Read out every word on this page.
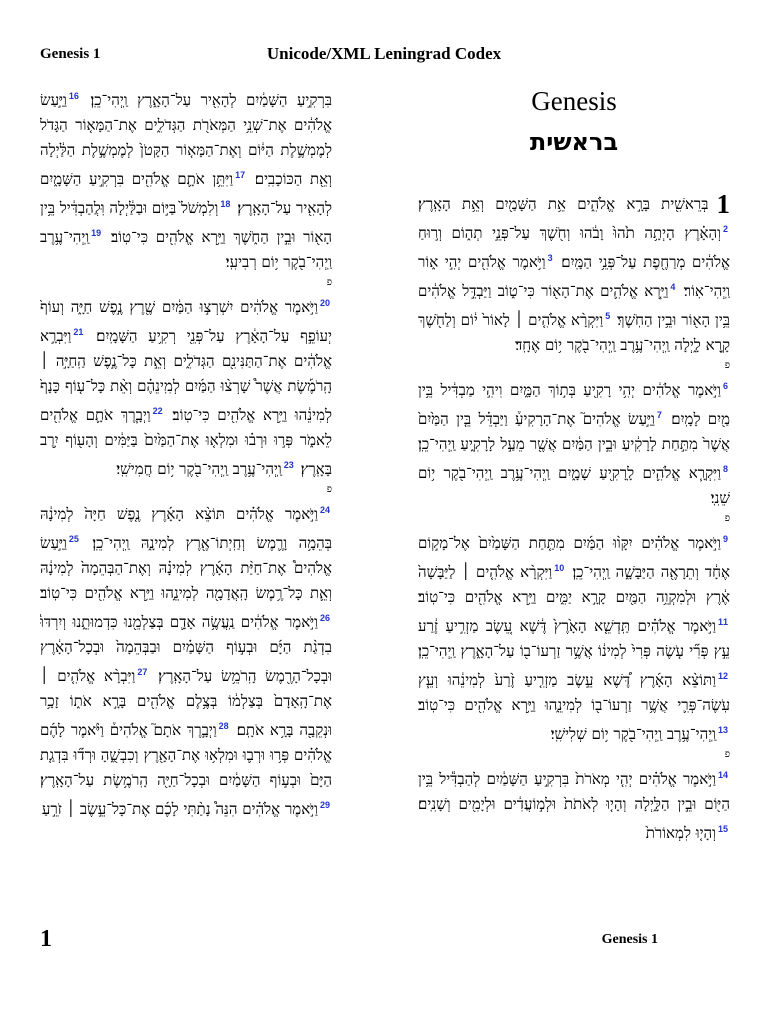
Genesis 1	Unicode/XML Leningrad Codex
בִּרְקִ֣יעַ הַשָּׁמַ֔יִם לְהָאִ֖יר עַל־הָאָ֑רֶץ וַֽיְהִי־כֵֽן׃ $^{16}$וַיַּ֣עַשׂ אֱלֹהִ֔ים אֶת־שְׁנֵ֥י הַמְּאֹרֹ֖ת הַגְּדֹלִ֑ים אֶת־הַמָּא֤וֹר הַגָּדֹל֙ לְמֶמְשֶׁ֣לֶת הַיּ֔וֹם וְאֶת־הַמָּא֤וֹר הַקָּטֹן֙ לְמֶמְשֶׁ֣לֶת הַלַּ֔יְלָה וְאֵ֖ת הַכּוֹכָבִֽים׃ $^{17}$וַיִּתֵּ֥ן אֹתָ֛ם אֱלֹהִ֖ים בִּרְקִ֣יעַ הַשָּׁמָ֑יִם לְהָאִ֖יר עַל־הָאָֽרֶץ׃ $^{18}$וְלִמְשֹׁל֙ בַּיּ֣וֹם וּבַלַּ֔יְלָה וּֽלֲהַבְדִּ֔יל בֵּ֥ין הָא֖וֹר וּבֵ֣ין הַחֹ֑שֶׁךְ וַיַּ֥רְא אֱלֹהִ֖ים כִּי־טֽוֹב׃ $^{19}$וַֽיְהִי־עֶ֥רֶב וַֽיְהִי־בֹ֖קֶר י֥וֹם רְבִיעִֽי׃
פ
$^{20}$וַיֹּ֣אמֶר אֱלֹהִ֔ים יִשְׁרְצ֣וּ הַמַּ֔יִם שֶׁ֖רֶץ נֶ֣פֶשׁ חַיָּ֑ה וְעוֹף֙ יְעוֹפֵ֣ף עַל־הָאָ֔רֶץ עַל־פְּנֵ֖י רְקִ֥יעַ הַשָּׁמָֽיִם׃ $^{21}$וַיִּבְרָ֣א אֱלֹהִ֔ים אֶת־הַתַּנִּינִ֖ם הַגְּדֹלִ֑ים וְאֵ֣ת כָּל־נֶ֣פֶשׁ הַֽחַיָּ֣ה ׀ הָֽרֹמֶ֡שֶׂת אֲשֶׁר֩ שָׁרְצ֨וּ הַמַּ֜יִם לְמִֽינֵהֶ֗ם וְאֵ֨ת כָּל־ע֤וֹף כָּנָף֙ לְמִינֵ֔הוּ וַיַּ֥רְא אֱלֹהִ֖ים כִּי־טֽוֹב׃ $^{22}$וַיְבָ֧רֶךְ אֹתָ֛ם אֱלֹהִ֖ים לֵאמֹ֑ר פְּר֣וּ וּרְב֗וּ וּמִלְא֤וּ אֶת־הַמַּ֙יִם֙ בַּיַּמִּ֔ים וְהָע֖וֹף יִ֥רֶב בָּאָֽרֶץ׃ $^{23}$וַֽיְהִי־עֶ֥רֶב וַֽיְהִי־בֹ֖קֶר י֥וֹם חֲמִישִֽׁי׃
פ
$^{24}$וַיֹּ֣אמֶר אֱלֹהִ֗ים תּוֹצֵ֨א הָאָ֜רֶץ נֶ֤פֶשׁ חַיָּה֙ לְמִינָ֔הּ בְּהֵמָ֥ה וָרֶ֛מֶשׂ וְחַֽיְתוֹ־אֶ֖רֶץ לְמִינָ֑הּ וַֽיְהִי־כֵֽן׃ $^{25}$וַיַּ֣עַשׂ אֱלֹהִים֩ אֶת־חַיַּ֨ת הָאָ֜רֶץ לְמִינָ֗הּ וְאֶת־הַבְּהֵמָה֙ לְמִינָ֔הּ וְאֵ֛ת כָּל־רֶ֥מֶשׂ הָֽאֲדָמָ֖ה לְמִינֵ֑הוּ וַיַּ֥רְא אֱלֹהִ֖ים כִּי־טֽוֹב׃ $^{26}$וַיֹּ֣אמֶר אֱלֹהִ֔ים נַֽעֲשֶׂ֥ה אָדָ֛ם בְּצַלְמֵ֖נוּ כִּדְמוּתֵ֑נוּ וְיִרְדּוּ֩ בִדְגַ֨ת הַיָּ֜ם וּבְע֣וֹף הַשָּׁמַ֗יִם וּבַבְּהֵמָה֙ וּבְכָל־הָאָ֔רֶץ וּבְכָל־הָרֶ֖מֶשׂ הָֽרֹמֵ֥שׂ עַל־הָאָֽרֶץ׃ $^{27}$וַיִּבְרָ֨א אֱלֹהִ֤ים ׀ אֶת־הָֽאָדָם֙ בְּצַלְמ֔וֹ בְּצֶ֥לֶם אֱלֹהִ֖ים בָּרָ֣א אֹת֑וֹ זָכָ֥ר וּנְקֵבָ֖ה בָּרָ֥א אֹתָֽם׃ $^{28}$וַיְבָ֣רֶךְ אֹתָם֮ אֱלֹהִים֒ וַיֹּ֨אמֶר לָהֶ֜ם אֱלֹהִ֗ים פְּר֥וּ וּרְב֛וּ וּמִלְא֥וּ אֶת־הָאָ֖רֶץ וְכִבְשֻׁ֑הָ וּרְד֞וּ בִּדְגַ֤ת הַיָּם֙ וּבְע֣וֹף הַשָּׁמַ֔יִם וּבְכָל־חַיָּ֖ה הָֽרֹמֶ֥שֶׂת עַל־הָאָֽרֶץ׃ $^{29}$וַיֹּ֣אמֶר אֱלֹהִ֗ים הִנֵּה֩ נָתַ֨תִּי לָכֶ֜ם אֶת־כָּל־עֵ֣שֶׂב ׀ זֹרֵ֣עַ
Genesis
בראשית
1בְּרֵאשִׁ֖ית בָּרָ֣א אֱלֹהִ֑ים אֵ֥ת הַשָּׁמַ֖יִם וְאֵ֥ת הָאָֽרֶץ׃ $^2$וְהָאָ֗רֶץ הָיְתָ֥ה תֹ֙הוּ֙ וָבֹ֔הוּ וְחֹ֖שֶׁךְ עַל־פְּנֵ֣י תְה֑וֹם וְר֣וּחַ אֱלֹהִ֔ים מְרַחֶ֖פֶת עַל־פְּנֵ֥י הַמָּֽיִם׃ $^3$וַיֹּ֥אמֶר אֱלֹהִ֖ים יְהִ֣י א֑וֹר וַֽיְהִי־אֽוֹר׃ $^4$וַיַּ֧רְא אֱלֹהִ֛ים אֶת־הָא֖וֹר כִּי־ט֑וֹב וַיַּבְדֵּ֣ל אֱלֹהִ֔ים בֵּ֥ין הָא֖וֹר וּבֵ֥ין הַחֹֽשֶׁךְ׃ $^5$וַיִּקְרָ֨א אֱלֹהִ֤ים ׀ לָאוֹר֙ י֔וֹם וְלַחֹ֖שֶׁךְ קָ֣רָא לָ֑יְלָה וַֽיְהִי־עֶ֥רֶב וַֽיְהִי־בֹ֖קֶר י֥וֹם אֶחָֽד׃
פ
$^6$וַיֹּ֣אמֶר אֱלֹהִ֔ים יְהִ֥י רָקִ֖יעַ בְּת֣וֹךְ הַמָּ֑יִם וִיהִ֣י מַבְדִּ֔יל בֵּ֥ין מַ֖יִם לָמָֽיִם׃ $^7$וַיַּ֣עַשׂ אֱלֹהִים֮ אֶת־הָרָקִיעַ֒ וַיַּבְדֵּ֗ל בֵּ֤ין הַמַּ֙יִם֙ אֲשֶׁר֙ מִתַּ֣חַת לָרָקִ֔יעַ וּבֵ֣ין הַמַּ֔יִם אֲשֶׁ֖ר מֵעַ֣ל לָרָקִ֑יעַ וַֽיְהִי־כֵֽן׃ $^8$וַיִּקְרָ֧א אֱלֹהִ֛ים לָֽרָקִ֖יעַ שָׁמָ֑יִם וַֽיְהִי־עֶ֥רֶב וַֽיְהִי־בֹ֖קֶר י֥וֹם שֵׁנִֽי׃
פ
$^9$וַיֹּ֣אמֶר אֱלֹהִ֗ים יִקָּו֨וּ הַמַּ֜יִם מִתַּ֤חַת הַשָּׁמַ֙יִם֙ אֶל־מָק֣וֹם אֶחָ֔ד וְתֵרָאֶ֖ה הַיַּבָּשָׁ֑ה וַֽיְהִי־כֵֽן׃ $^{10}$וַיִּקְרָ֨א אֱלֹהִ֤ים ׀ לַיַּבָּשָׁה֙ אֶ֔רֶץ וּלְמִקְוֵ֥ה הַמַּ֖יִם קָרָ֣א יַמִּ֑ים וַיַּ֥רְא אֱלֹהִ֖ים כִּי־טֽוֹב׃ $^{11}$וַיֹּ֣אמֶר אֱלֹהִ֗ים תַּֽדְשֵׁ֤א הָאָ֙רֶץ֙ דֶּ֔שֶׁא עֵ֚שֶׂב מַזְרִ֣יעַ זֶ֔רַע עֵ֣ץ פְּרִ֞י עֹ֤שֶׂה פְּרִי֙ לְמִינ֔וֹ אֲשֶׁ֥ר זַרְעוֹ־ב֖וֹ עַל־הָאָ֑רֶץ וַֽיְהִי־כֵֽן׃ $^{12}$וַתּוֹצֵ֨א הָאָ֜רֶץ דֶּ֠שֶׁא עֵ֣שֶׂב מַזְרִ֤יעַ זֶ֙רַע֙ לְמִינֵ֔הוּ וְעֵ֧ץ עֹֽשֶׂה־פְּרִ֛י אֲשֶׁ֥ר זַרְעוֹ־ב֖וֹ לְמִינֵ֑הוּ וַיַּ֥רְא אֱלֹהִ֖ים כִּי־טֽוֹב׃ $^{13}$וַֽיְהִי־עֶ֥רֶב וַֽיְהִי־בֹ֖קֶר י֥וֹם שְׁלִישִֽׁי׃
פ
$^{14}$וַיֹּ֣אמֶר אֱלֹהִ֗ים יְהִ֤י מְאֹרֹת֙ בִּרְקִ֣יעַ הַשָּׁמַ֔יִם לְהַבְדִּ֕יל בֵּ֥ין הַיּ֖וֹם וּבֵ֣ין הַלָּ֑יְלָה וְהָי֤וּ לְאֹתֹת֙ וּלְמ֣וֹעֲדִ֔ים וּלְיָמִ֖ים וְשָׁנִֽים׃ $^{15}$וְהָי֤וּ לִמְאוֹרֹת֙
1	Genesis 1
